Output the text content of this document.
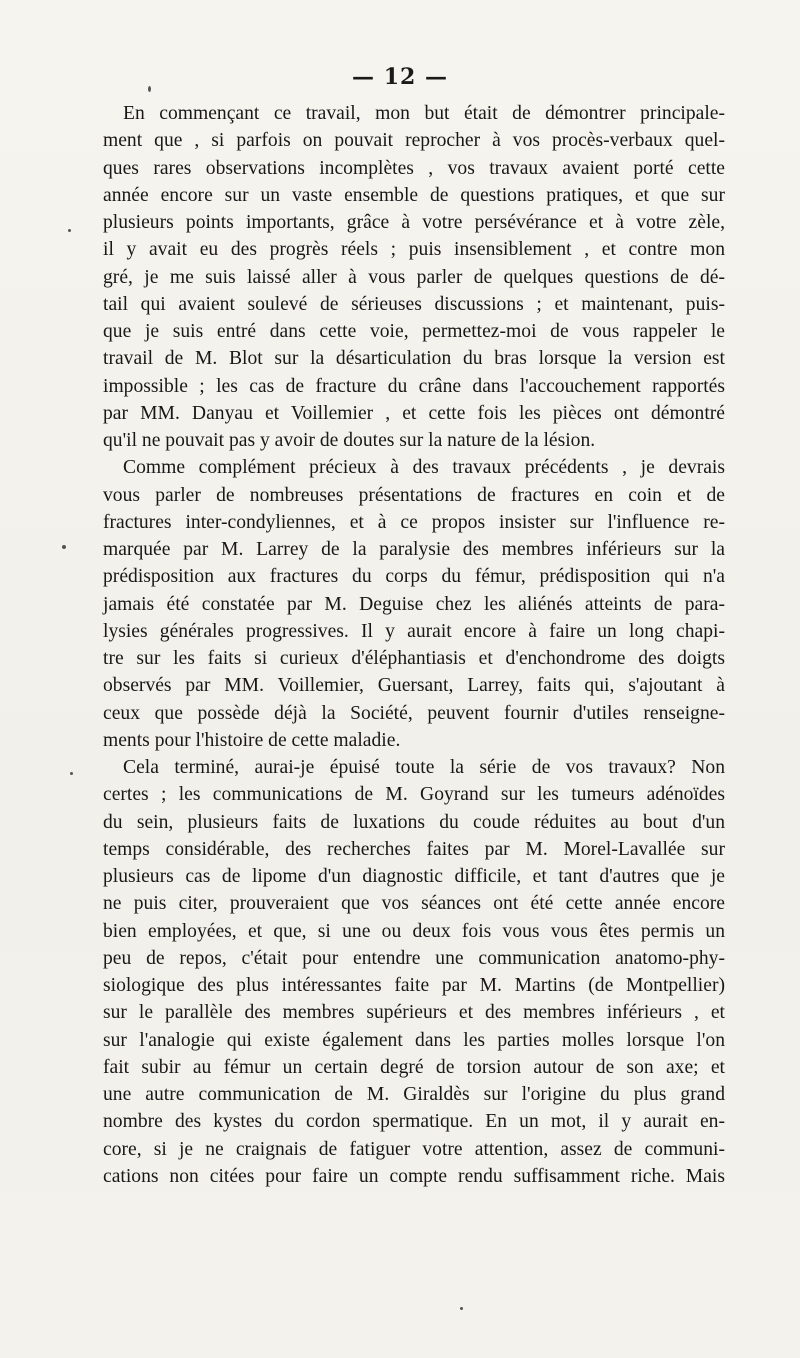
— 12 —
En commençant ce travail, mon but était de démontrer principale-
ment que , si parfois on pouvait reprocher à vos procès-verbaux quel-
ques rares observations incomplètes , vos travaux avaient porté cette
année encore sur un vaste ensemble de questions pratiques, et que sur
plusieurs points importants, grâce à votre persévérance et à votre zèle,
il y avait eu des progrès réels ; puis insensiblement , et contre mon
gré, je me suis laissé aller à vous parler de quelques questions de dé-
tail qui avaient soulevé de sérieuses discussions ; et maintenant, puis-
que je suis entré dans cette voie, permettez-moi de vous rappeler le
travail de M. Blot sur la désarticulation du bras lorsque la version est
impossible ; les cas de fracture du crâne dans l'accouchement rapportés
par MM. Danyau et Voillemier , et cette fois les pièces ont démontré
qu'il ne pouvait pas y avoir de doutes sur la nature de la lésion.
Comme complément précieux à des travaux précédents , je devrais
vous parler de nombreuses présentations de fractures en coin et de
fractures inter-condyliennes, et à ce propos insister sur l'influence re-
marquée par M. Larrey de la paralysie des membres inférieurs sur la
prédisposition aux fractures du corps du fémur, prédisposition qui n'a
jamais été constatée par M. Deguise chez les aliénés atteints de para-
lysies générales progressives. Il y aurait encore à faire un long chapi-
tre sur les faits si curieux d'éléphantiasis et d'enchondrome des doigts
observés par MM. Voillemier, Guersant, Larrey, faits qui, s'ajoutant à
ceux que possède déjà la Société, peuvent fournir d'utiles renseigne-
ments pour l'histoire de cette maladie.
Cela terminé, aurai-je épuisé toute la série de vos travaux? Non
certes ; les communications de M. Goyrand sur les tumeurs adénoïdes
du sein, plusieurs faits de luxations du coude réduites au bout d'un
temps considérable, des recherches faites par M. Morel-Lavallée sur
plusieurs cas de lipome d'un diagnostic difficile, et tant d'autres que je
ne puis citer, prouveraient que vos séances ont été cette année encore
bien employées, et que, si une ou deux fois vous vous êtes permis un
peu de repos, c'était pour entendre une communication anatomo-phy-
siologique des plus intéressantes faite par M. Martins (de Montpellier)
sur le parallèle des membres supérieurs et des membres inférieurs , et
sur l'analogie qui existe également dans les parties molles lorsque l'on
fait subir au fémur un certain degré de torsion autour de son axe; et
une autre communication de M. Giraldès sur l'origine du plus grand
nombre des kystes du cordon spermatique. En un mot, il y aurait en-
core, si je ne craignais de fatiguer votre attention, assez de communi-
cations non citées pour faire un compte rendu suffisamment riche. Mais
